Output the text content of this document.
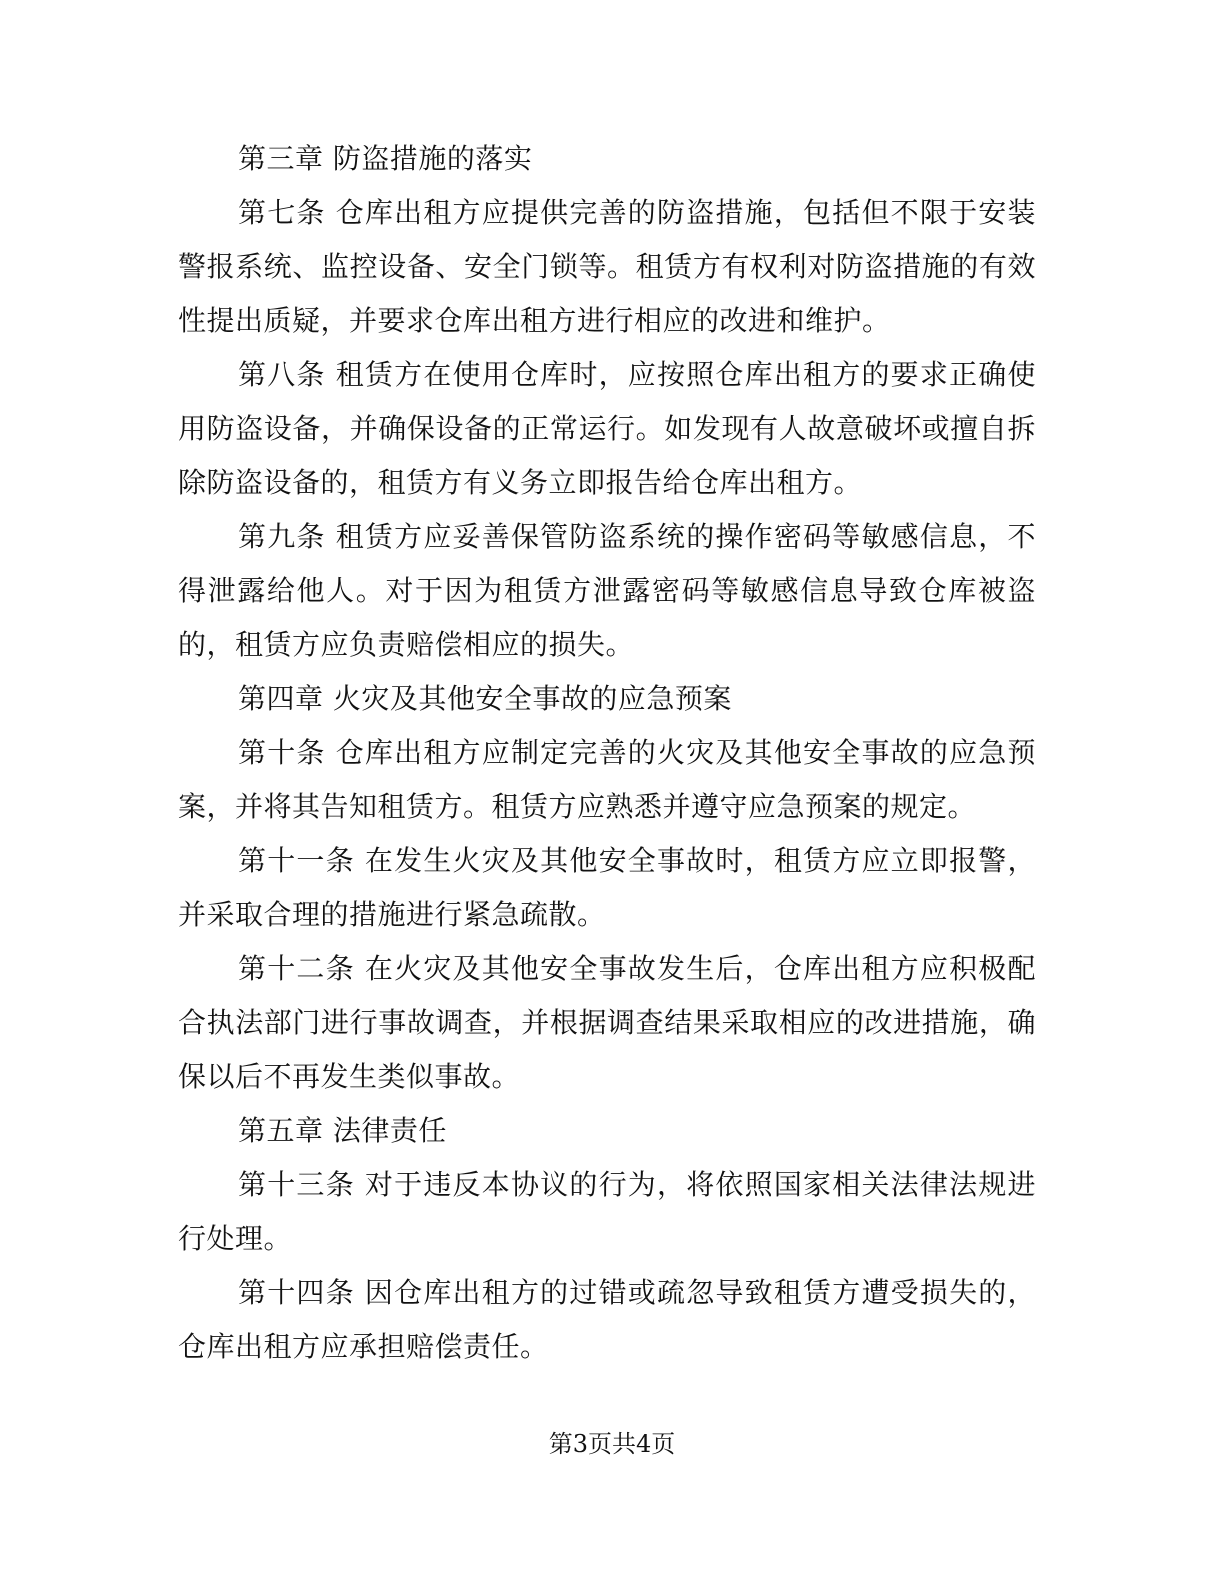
第三章 防盗措施的落实

第七条 仓库出租方应提供完善的防盗措施，包括但不限于安装警报系统、监控设备、安全门锁等。租赁方有权利对防盗措施的有效性提出质疑，并要求仓库出租方进行相应的改进和维护。

第八条 租赁方在使用仓库时，应按照仓库出租方的要求正确使用防盗设备，并确保设备的正常运行。如发现有人故意破坏或擅自拆除防盗设备的，租赁方有义务立即报告给仓库出租方。

第九条 租赁方应妥善保管防盗系统的操作密码等敏感信息，不得泄露给他人。对于因为租赁方泄露密码等敏感信息导致仓库被盗的，租赁方应负责赔偿相应的损失。

第四章 火灾及其他安全事故的应急预案

第十条 仓库出租方应制定完善的火灾及其他安全事故的应急预案，并将其告知租赁方。租赁方应熟悉并遵守应急预案的规定。

第十一条 在发生火灾及其他安全事故时，租赁方应立即报警，并采取合理的措施进行紧急疏散。

第十二条 在火灾及其他安全事故发生后，仓库出租方应积极配合执法部门进行事故调查，并根据调查结果采取相应的改进措施，确保以后不再发生类似事故。

第五章 法律责任

第十三条 对于违反本协议的行为，将依照国家相关法律法规进行处理。

第十四条 因仓库出租方的过错或疏忽导致租赁方遭受损失的，仓库出租方应承担赔偿责任。

第3页共4页
